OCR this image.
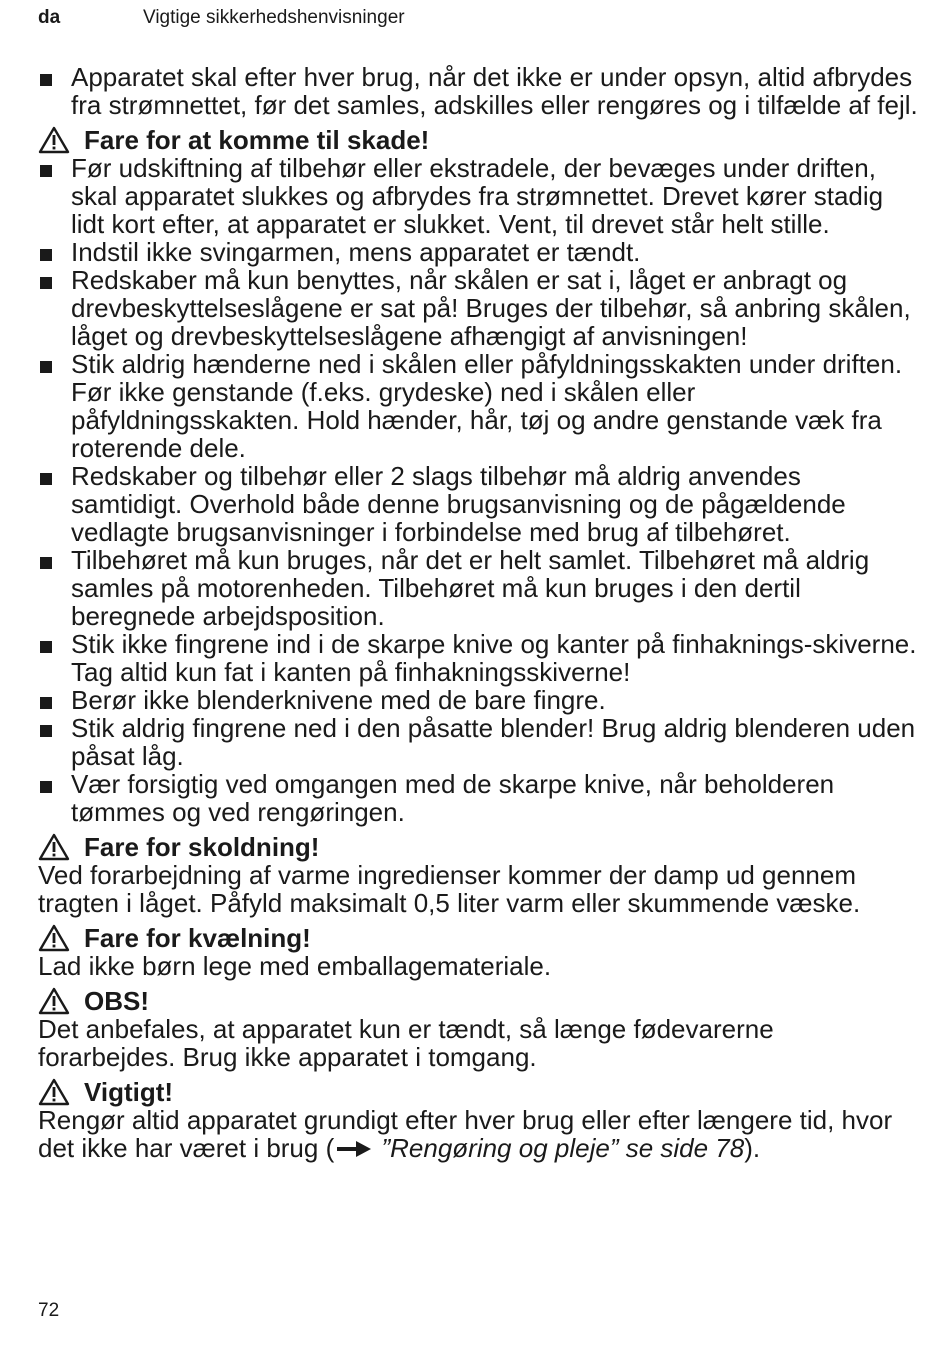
da	Vigtige sikkerhedshenvisninger
Apparatet skal efter hver brug, når det ikke er under opsyn, altid afbrydes fra strømnettet, før det samles, adskilles eller rengøres og i tilfælde af fejl.
Fare for at komme til skade!
Før udskiftning af tilbehør eller ekstradele, der bevæges under driften, skal apparatet slukkes og afbrydes fra strømnettet. Drevet kører stadig lidt kort efter, at apparatet er slukket. Vent, til drevet står helt stille.
Indstil ikke svingarmen, mens apparatet er tændt.
Redskaber må kun benyttes, når skålen er sat i, låget er anbragt og drevbeskyttelseslågene er sat på! Bruges der tilbehør, så anbring skålen, låget og drevbeskyttelseslågene afhængigt af anvisningen!
Stik aldrig hænderne ned i skålen eller påfyldningsskakten under driften. Før ikke genstande (f.eks. grydeske) ned i skålen eller påfyldningsskakten. Hold hænder, hår, tøj og andre genstande væk fra roterende dele.
Redskaber og tilbehør eller 2 slags tilbehør må aldrig anvendes samtidigt. Overhold både denne brugsanvisning og de pågældende vedlagte brugsanvisninger i forbindelse med brug af tilbehøret.
Tilbehøret må kun bruges, når det er helt samlet. Tilbehøret må aldrig samles på motorenheden. Tilbehøret må kun bruges i den dertil beregnede arbejdsposition.
Stik ikke fingrene ind i de skarpe knive og kanter på finhaknings-skiverne. Tag altid kun fat i kanten på finhakningsskiverne!
Berør ikke blenderknivene med de bare fingre.
Stik aldrig fingrene ned i den påsatte blender! Brug aldrig blenderen uden påsat låg.
Vær forsigtig ved omgangen med de skarpe knive, når beholderen tømmes og ved rengøringen.
Fare for skoldning!

Ved forarbejdning af varme ingredienser kommer der damp ud gennem tragten i låget. Påfyld maksimalt 0,5 liter varm eller skummende væske.

Fare for kvælning!

Lad ikke børn lege med emballagemateriale.

OBS!

Det anbefales, at apparatet kun er tændt, så længe fødevarerne forarbejdes. Brug ikke apparatet i tomgang.

Vigtigt!

Rengør altid apparatet grundigt efter hver brug eller efter længere tid, hvor det ikke har været i brug ( ”Rengøring og pleje” se side 78).

72
